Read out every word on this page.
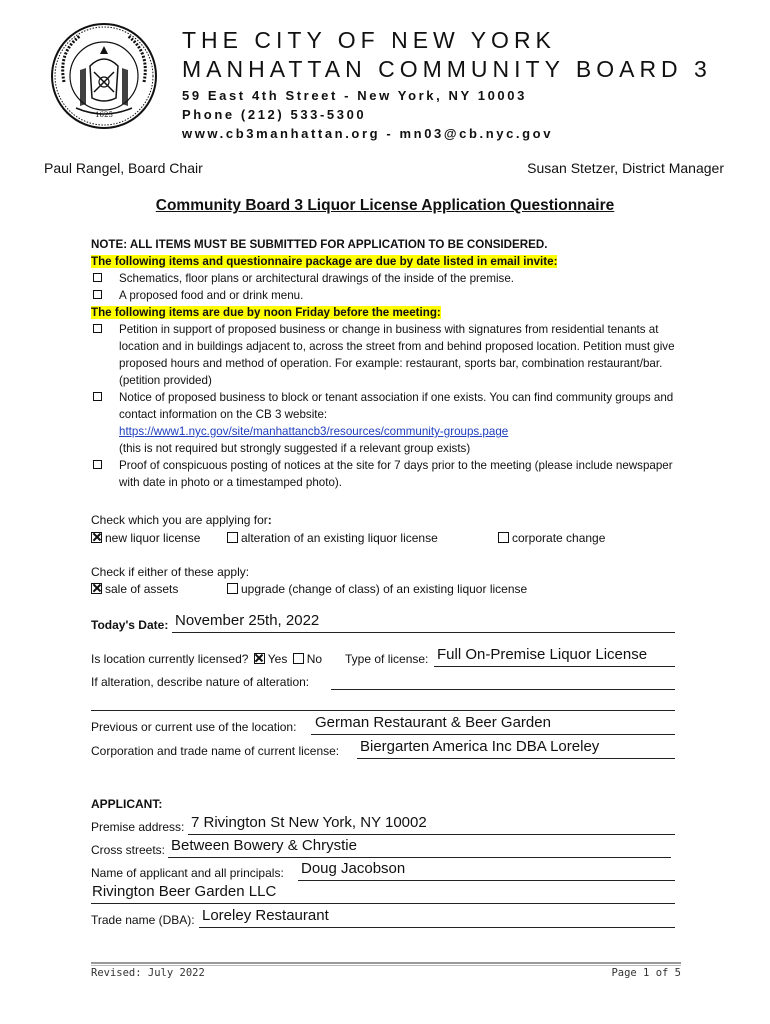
1625
THE CITY OF NEW YORK
MANHATTAN COMMUNITY BOARD 3
59 East 4th Street - New York, NY 10003
Phone (212) 533-5300
www.cb3manhattan.org - mn03@cb.nyc.gov
Paul Rangel, Board Chair	Susan Stetzer, District Manager
Community Board 3 Liquor License Application Questionnaire
NOTE: ALL ITEMS MUST BE SUBMITTED FOR APPLICATION TO BE CONSIDERED.
The following items and questionnaire package are due by date listed in email invite:
Schematics, floor plans or architectural drawings of the inside of the premise.
A proposed food and or drink menu.
The following items are due by noon Friday before the meeting:
Petition in support of proposed business or change in business with signatures from residential tenants at location and in buildings adjacent to, across the street from and behind proposed location. Petition must give proposed hours and method of operation. For example: restaurant, sports bar, combination restaurant/bar. (petition provided)
Notice of proposed business to block or tenant association if one exists. You can find community groups and contact information on the CB 3 website:
https://www1.nyc.gov/site/manhattancb3/resources/community-groups.page
(this is not required but strongly suggested if a relevant group exists)
Proof of conspicuous posting of notices at the site for 7 days prior to the meeting (please include newspaper with date in photo or a timestamped photo).
Check which you are applying for:
new liquor license	alteration of an existing liquor license	corporate change
Check if either of these apply:
sale of assets	upgrade (change of class) of an existing liquor license
Today's Date: November 25th, 2022
Is location currently licensed? Yes No Type of license: Full On-Premise Liquor License
If alteration, describe nature of alteration:
Previous or current use of the location: German Restaurant & Beer Garden
Corporation and trade name of current license: Biergarten America Inc DBA Loreley
APPLICANT:
Premise address: 7 Rivington St New York, NY 10002
Cross streets: Between Bowery & Chrystie
Name of applicant and all principals: Doug Jacobson
Rivington Beer Garden LLC
Trade name (DBA): Loreley Restaurant
Revised: July 2022	Page 1 of 5
